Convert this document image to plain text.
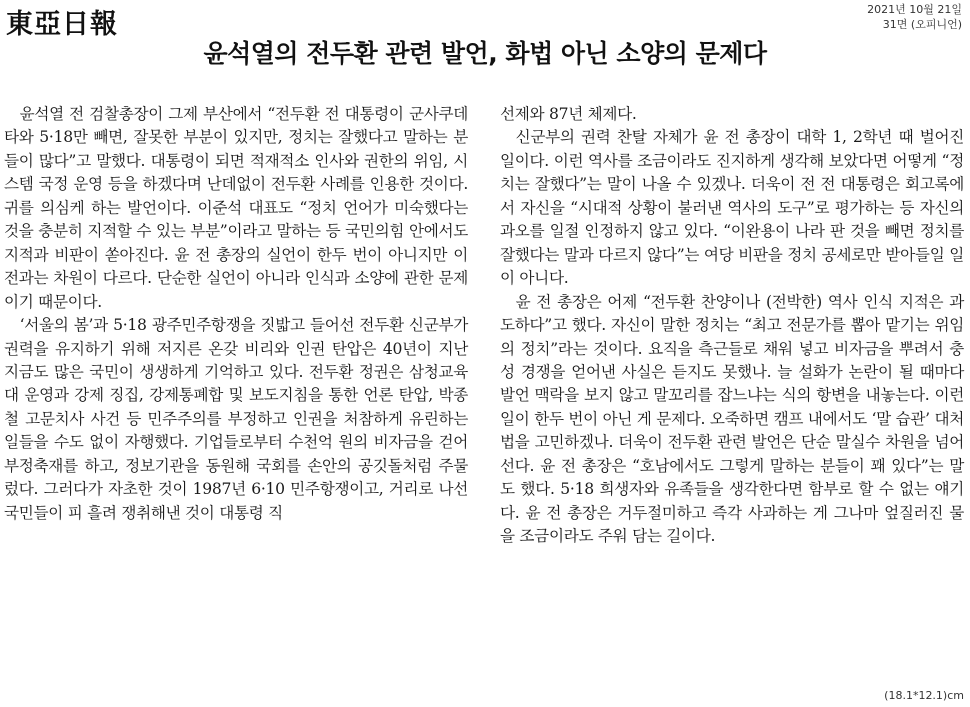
東亞日報	2021년 10월 21일
31면 (오피니언)
윤석열의 전두환 관련 발언, 화법 아닌 소양의 문제다

윤석열 전 검찰총장이 그제 부산에서 “전두환 전 대통령이 군사쿠데타와 5·18만 빼면, 잘못한 부분이 있지만, 정치는 잘했다고 말하는 분들이 많다”고 말했다. 대통령이 되면 적재적소 인사와 권한의 위임, 시스템 국정 운영 등을 하겠다며 난데없이 전두환 사례를 인용한 것이다. 귀를 의심케 하는 발언이다. 이준석 대표도 “정치 언어가 미숙했다는 것을 충분히 지적할 수 있는 부분”이라고 말하는 등 국민의힘 안에서도 지적과 비판이 쏟아진다. 윤 전 총장의 실언이 한두 번이 아니지만 이전과는 차원이 다르다. 단순한 실언이 아니라 인식과 소양에 관한 문제이기 때문이다.

‘서울의 봄’과 5·18 광주민주항쟁을 짓밟고 들어선 전두환 신군부가 권력을 유지하기 위해 저지른 온갖 비리와 인권 탄압은 40년이 지난 지금도 많은 국민이 생생하게 기억하고 있다. 전두환 정권은 삼청교육대 운영과 강제 징집, 강제통폐합 및 보도지침을 통한 언론 탄압, 박종철 고문치사 사건 등 민주주의를 부정하고 인권을 처참하게 유린하는 일들을 수도 없이 자행했다. 기업들로부터 수천억 원의 비자금을 걷어 부정축재를 하고, 정보기관을 동원해 국회를 손안의 공깃돌처럼 주물렀다. 그러다가 자초한 것이 1987년 6·10 민주항쟁이고, 거리로 나선 국민들이 피 흘려 쟁취해낸 것이 대통령 직

선제와 87년 체제다.

신군부의 권력 찬탈 자체가 윤 전 총장이 대학 1, 2학년 때 벌어진 일이다. 이런 역사를 조금이라도 진지하게 생각해 보았다면 어떻게 “정치는 잘했다”는 말이 나올 수 있겠나. 더욱이 전 전 대통령은 회고록에서 자신을 “시대적 상황이 불러낸 역사의 도구”로 평가하는 등 자신의 과오를 일절 인정하지 않고 있다. “이완용이 나라 판 것을 빼면 정치를 잘했다는 말과 다르지 않다”는 여당 비판을 정치 공세로만 받아들일 일이 아니다.

윤 전 총장은 어제 “전두환 찬양이나 (전박한) 역사 인식 지적은 과도하다”고 했다. 자신이 말한 정치는 “최고 전문가를 뽑아 맡기는 위임의 정치”라는 것이다. 요직을 측근들로 채워 넣고 비자금을 뿌려서 충성 경쟁을 얻어낸 사실은 듣지도 못했나. 늘 설화가 논란이 될 때마다 발언 맥락을 보지 않고 말꼬리를 잡느냐는 식의 항변을 내놓는다. 이런 일이 한두 번이 아닌 게 문제다. 오죽하면 캠프 내에서도 ‘말 습관’ 대처법을 고민하겠나. 더욱이 전두환 관련 발언은 단순 말실수 차원을 넘어선다. 윤 전 총장은 “호남에서도 그렇게 말하는 분들이 꽤 있다”는 말도 했다. 5·18 희생자와 유족들을 생각한다면 함부로 할 수 없는 얘기다. 윤 전 총장은 거두절미하고 즉각 사과하는 게 그나마 엎질러진 물을 조금이라도 주워 담는 길이다.

(18.1*12.1)cm
